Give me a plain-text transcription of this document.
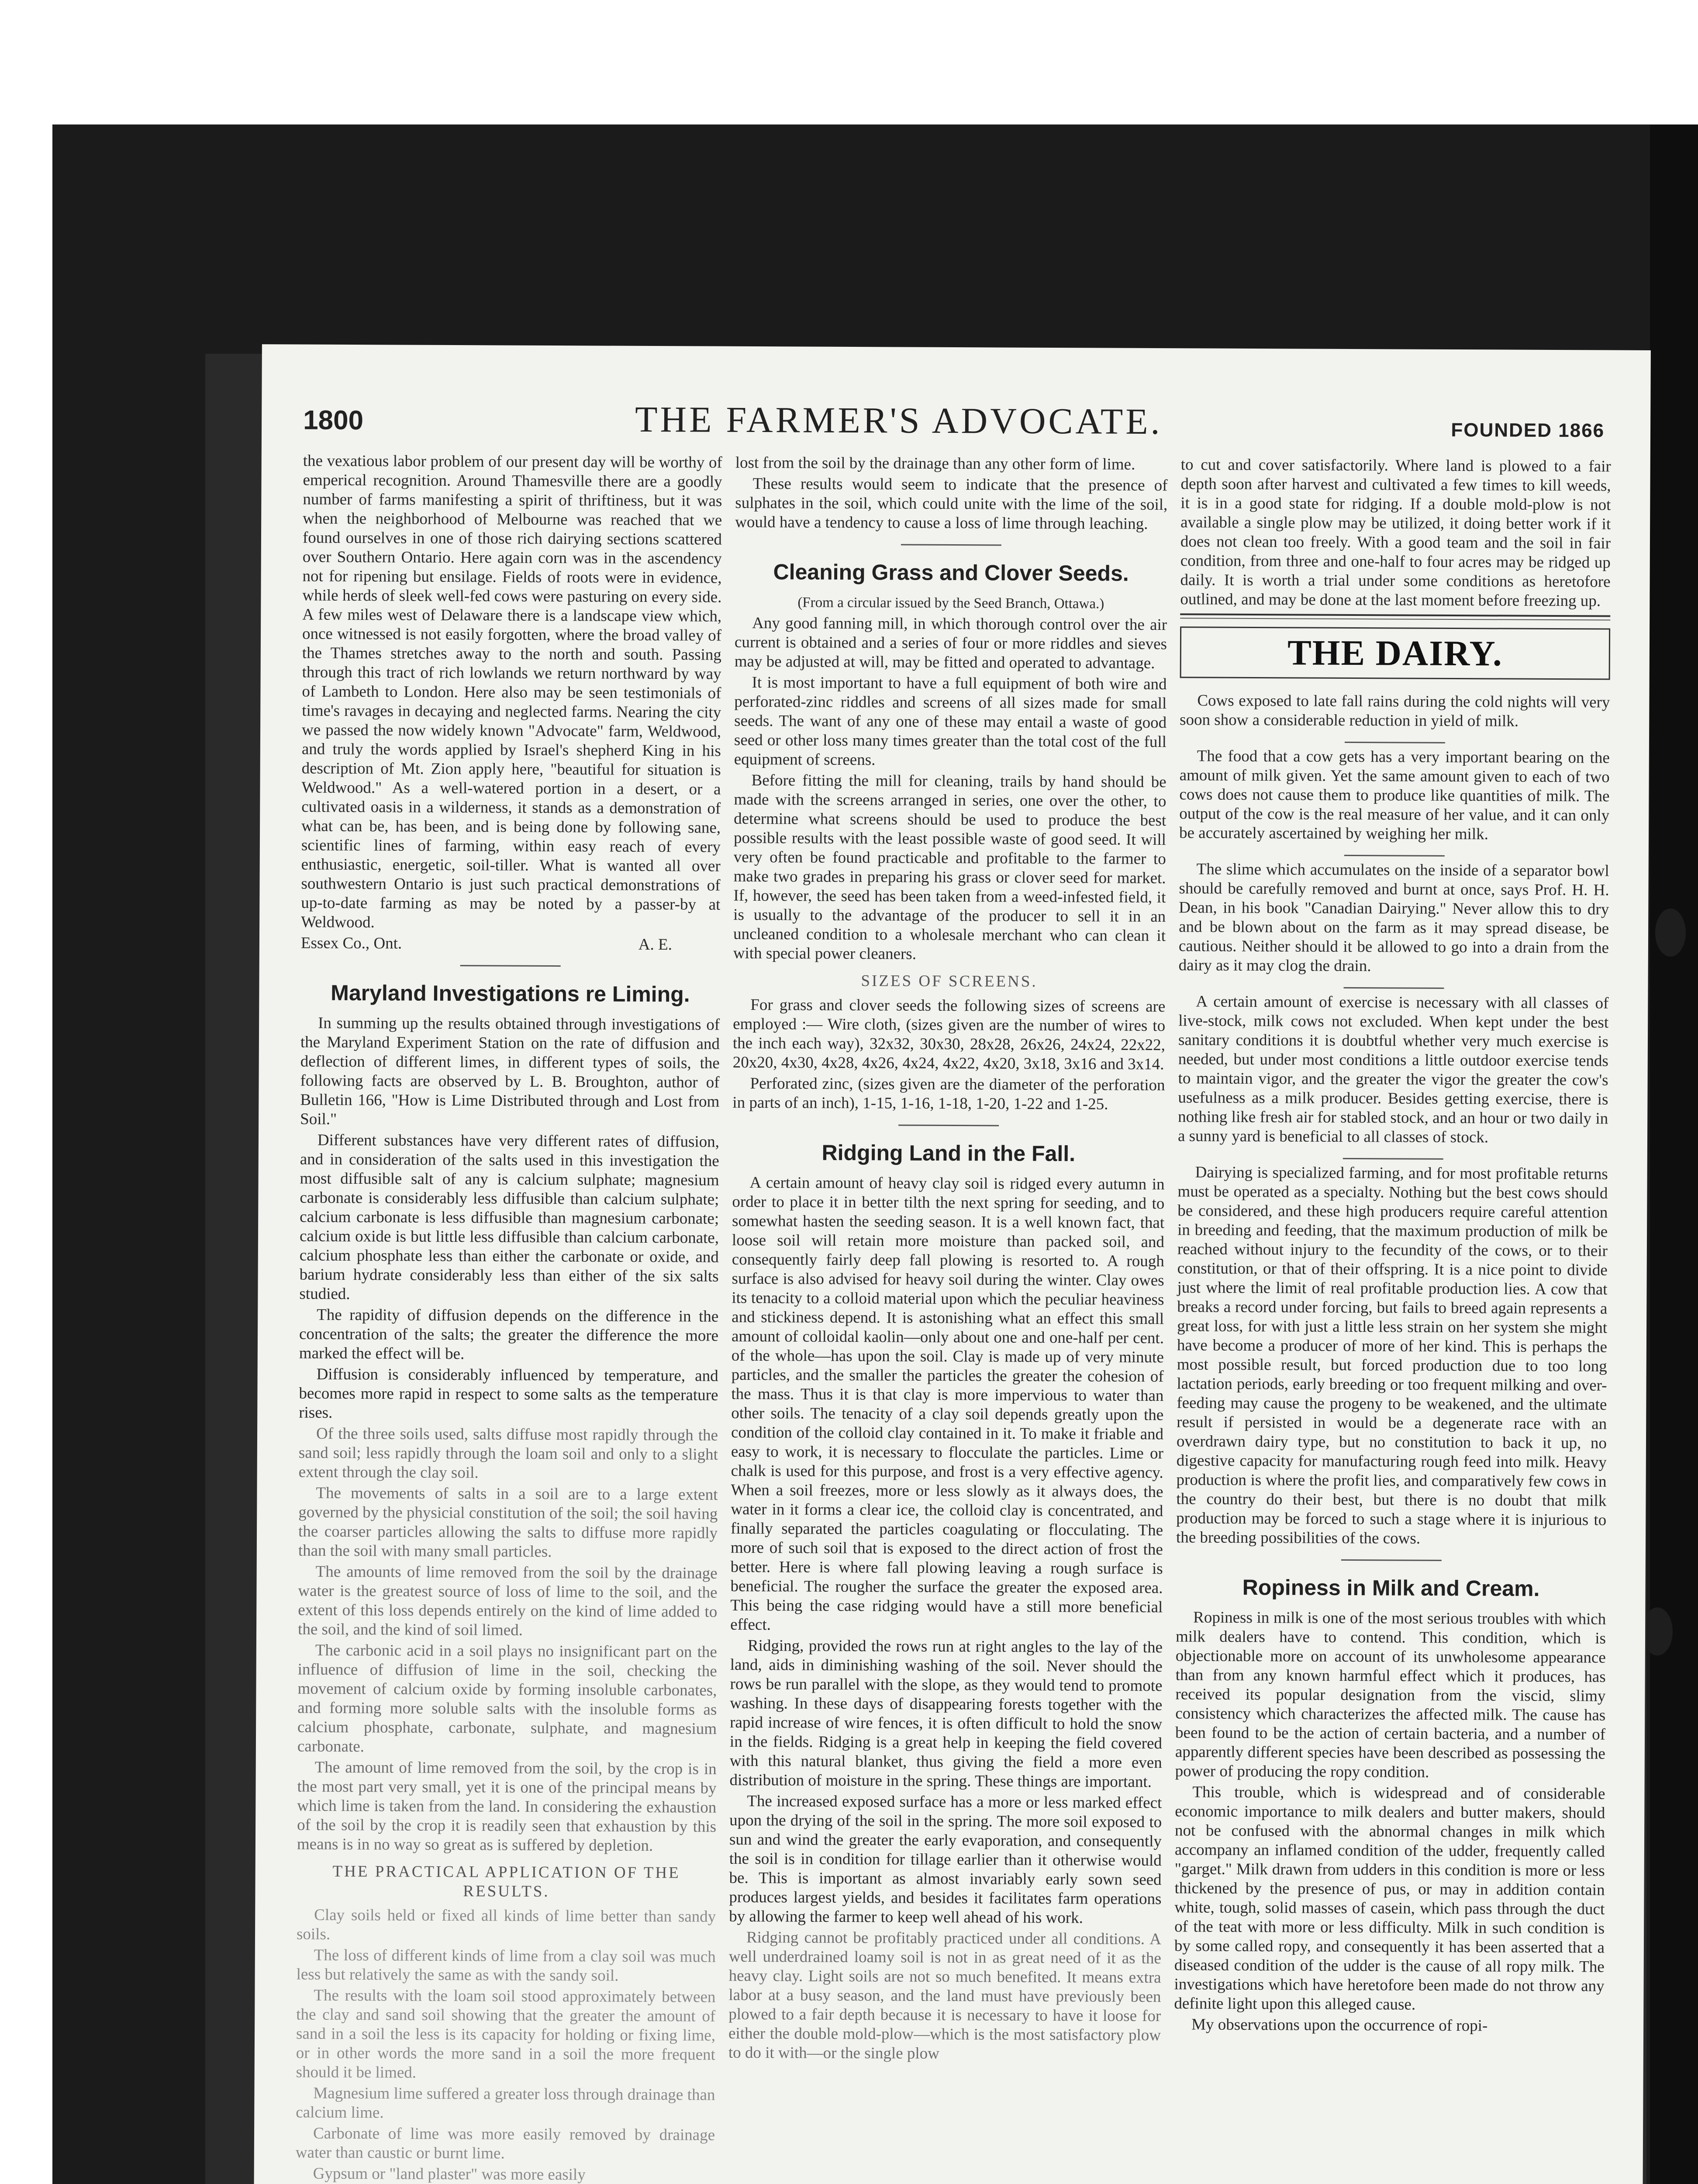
1800	THE FARMER'S ADVOCATE.	FOUNDED 1866

the vexatious labor problem of our present day will be worthy of emperical recognition. Around Thamesville there are a goodly number of farms manifesting a spirit of thriftiness, but it was when the neighborhood of Melbourne was reached that we found ourselves in one of those rich dairying sections scattered over Southern Ontario. Here again corn was in the ascendency not for ripening but ensilage. Fields of roots were in evidence, while herds of sleek well-fed cows were pasturing on every side. A few miles west of Delaware there is a landscape view which, once witnessed is not easily forgotten, where the broad valley of the Thames stretches away to the north and south. Passing through this tract of rich lowlands we return northward by way of Lambeth to London. Here also may be seen testimonials of time's ravages in decaying and neglected farms. Nearing the city we passed the now widely known "Advocate" farm, Weldwood, and truly the words applied by Israel's shepherd King in his description of Mt. Zion apply here, "beautiful for situation is Weldwood." As a well-watered portion in a desert, or a cultivated oasis in a wilderness, it stands as a demonstration of what can be, has been, and is being done by following sane, scientific lines of farming, within easy reach of every enthusiastic, energetic, soil-tiller. What is wanted all over southwestern Ontario is just such practical demonstrations of up-to-date farming as may be noted by a passer-by at Weldwood.

Essex Co., Ont.	A. E.
Maryland Investigations re Liming.

In summing up the results obtained through investigations of the Maryland Experiment Station on the rate of diffusion and deflection of different limes, in different types of soils, the following facts are observed by L. B. Broughton, author of Bulletin 166, "How is Lime Distributed through and Lost from Soil."

Different substances have very different rates of diffusion, and in consideration of the salts used in this investigation the most diffusible salt of any is calcium sulphate; magnesium carbonate is considerably less diffusible than calcium sulphate; calcium carbonate is less diffusible than magnesium carbonate; calcium oxide is but little less diffusible than calcium carbonate, calcium phosphate less than either the carbonate or oxide, and barium hydrate considerably less than either of the six salts studied.

The rapidity of diffusion depends on the difference in the concentration of the salts; the greater the difference the more marked the effect will be.

Diffusion is considerably influenced by temperature, and becomes more rapid in respect to some salts as the temperature rises.

Of the three soils used, salts diffuse most rapidly through the sand soil; less rapidly through the loam soil and only to a slight extent through the clay soil.

The movements of salts in a soil are to a large extent governed by the physicial constitution of the soil; the soil having the coarser particles allowing the salts to diffuse more rapidly than the soil with many small particles.

The amounts of lime removed from the soil by the drainage water is the greatest source of loss of lime to the soil, and the extent of this loss depends entirely on the kind of lime added to the soil, and the kind of soil limed.

The carbonic acid in a soil plays no insignificant part on the influence of diffusion of lime in the soil, checking the movement of calcium oxide by forming insoluble carbonates, and forming more soluble salts with the insoluble forms as calcium phosphate, carbonate, sulphate, and magnesium carbonate.

The amount of lime removed from the soil, by the crop is in the most part very small, yet it is one of the principal means by which lime is taken from the land. In considering the exhaustion of the soil by the crop it is readily seen that exhaustion by this means is in no way so great as is suffered by depletion.

THE PRACTICAL APPLICATION OF THE RESULTS.

Clay soils held or fixed all kinds of lime better than sandy soils.

The loss of different kinds of lime from a clay soil was much less but relatively the same as with the sandy soil.

The results with the loam soil stood approximately between the clay and sand soil showing that the greater the amount of sand in a soil the less is its capacity for holding or fixing lime, or in other words the more sand in a soil the more frequent should it be limed.

Magnesium lime suffered a greater loss through drainage than calcium lime.

Carbonate of lime was more easily removed by drainage water than caustic or burnt lime.

Gypsum or "land plaster" was more easily

lost from the soil by the drainage than any other form of lime.

These results would seem to indicate that the presence of sulphates in the soil, which could unite with the lime of the soil, would have a tendency to cause a loss of lime through leaching.

Cleaning Grass and Clover Seeds.

(From a circular issued by the Seed Branch, Ottawa.)

Any good fanning mill, in which thorough control over the air current is obtained and a series of four or more riddles and sieves may be adjusted at will, may be fitted and operated to advantage.

It is most important to have a full equipment of both wire and perforated-zinc riddles and screens of all sizes made for small seeds. The want of any one of these may entail a waste of good seed or other loss many times greater than the total cost of the full equipment of screens.

Before fitting the mill for cleaning, trails by hand should be made with the screens arranged in series, one over the other, to determine what screens should be used to produce the best possible results with the least possible waste of good seed. It will very often be found practicable and profitable to the farmer to make two grades in preparing his grass or clover seed for market. If, however, the seed has been taken from a weed-infested field, it is usually to the advantage of the producer to sell it in an uncleaned condition to a wholesale merchant who can clean it with special power cleaners.

SIZES OF SCREENS.

For grass and clover seeds the following sizes of screens are employed :— Wire cloth, (sizes given are the number of wires to the inch each way), 32x32, 30x30, 28x28, 26x26, 24x24, 22x22, 20x20, 4x30, 4x28, 4x26, 4x24, 4x22, 4x20, 3x18, 3x16 and 3x14.

Perforated zinc, (sizes given are the diameter of the perforation in parts of an inch), 1-15, 1-16, 1-18, 1-20, 1-22 and 1-25.

Ridging Land in the Fall.

A certain amount of heavy clay soil is ridged every autumn in order to place it in better tilth the next spring for seeding, and to somewhat hasten the seeding season. It is a well known fact, that loose soil will retain more moisture than packed soil, and consequently fairly deep fall plowing is resorted to. A rough surface is also advised for heavy soil during the winter. Clay owes its tenacity to a colloid material upon which the peculiar heaviness and stickiness depend. It is astonishing what an effect this small amount of colloidal kaolin—only about one and one-half per cent. of the whole—has upon the soil. Clay is made up of very minute particles, and the smaller the particles the greater the cohesion of the mass. Thus it is that clay is more impervious to water than other soils. The tenacity of a clay soil depends greatly upon the condition of the colloid clay contained in it. To make it friable and easy to work, it is necessary to flocculate the particles. Lime or chalk is used for this purpose, and frost is a very effective agency. When a soil freezes, more or less slowly as it always does, the water in it forms a clear ice, the colloid clay is concentrated, and finally separated the particles coagulating or flocculating. The more of such soil that is exposed to the direct action of frost the better. Here is where fall plowing leaving a rough surface is beneficial. The rougher the surface the greater the exposed area. This being the case ridging would have a still more beneficial effect.

Ridging, provided the rows run at right angles to the lay of the land, aids in diminishing washing of the soil. Never should the rows be run parallel with the slope, as they would tend to promote washing. In these days of disappearing forests together with the rapid increase of wire fences, it is often difficult to hold the snow in the fields. Ridging is a great help in keeping the field covered with this natural blanket, thus giving the field a more even distribution of moisture in the spring. These things are important.

The increased exposed surface has a more or less marked effect upon the drying of the soil in the spring. The more soil exposed to sun and wind the greater the early evaporation, and consequently the soil is in condition for tillage earlier than it otherwise would be. This is important as almost invariably early sown seed produces largest yields, and besides it facilitates farm operations by allowing the farmer to keep well ahead of his work.

Ridging cannot be profitably practiced under all conditions. A well underdrained loamy soil is not in as great need of it as the heavy clay. Light soils are not so much benefited. It means extra labor at a busy season, and the land must have previously been plowed to a fair depth because it is necessary to have it loose for either the double mold-plow—which is the most satisfactory plow to do it with—or the single plow

to cut and cover satisfactorily. Where land is plowed to a fair depth soon after harvest and cultivated a few times to kill weeds, it is in a good state for ridging. If a double mold-plow is not available a single plow may be utilized, it doing better work if it does not clean too freely. With a good team and the soil in fair condition, from three and one-half to four acres may be ridged up daily. It is worth a trial under some conditions as heretofore outlined, and may be done at the last moment before freezing up.

THE DAIRY.

Cows exposed to late fall rains during the cold nights will very soon show a considerable reduction in yield of milk.

The food that a cow gets has a very important bearing on the amount of milk given. Yet the same amount given to each of two cows does not cause them to produce like quantities of milk. The output of the cow is the real measure of her value, and it can only be accurately ascertained by weighing her milk.

The slime which accumulates on the inside of a separator bowl should be carefully removed and burnt at once, says Prof. H. H. Dean, in his book "Canadian Dairying." Never allow this to dry and be blown about on the farm as it may spread disease, be cautious. Neither should it be allowed to go into a drain from the dairy as it may clog the drain.

A certain amount of exercise is necessary with all classes of live-stock, milk cows not excluded. When kept under the best sanitary conditions it is doubtful whether very much exercise is needed, but under most conditions a little outdoor exercise tends to maintain vigor, and the greater the vigor the greater the cow's usefulness as a milk producer. Besides getting exercise, there is nothing like fresh air for stabled stock, and an hour or two daily in a sunny yard is beneficial to all classes of stock.

Dairying is specialized farming, and for most profitable returns must be operated as a specialty. Nothing but the best cows should be considered, and these high producers require careful attention in breeding and feeding, that the maximum production of milk be reached without injury to the fecundity of the cows, or to their constitution, or that of their offspring. It is a nice point to divide just where the limit of real profitable production lies. A cow that breaks a record under forcing, but fails to breed again represents a great loss, for with just a little less strain on her system she might have become a producer of more of her kind. This is perhaps the most possible result, but forced production due to too long lactation periods, early breeding or too frequent milking and over-feeding may cause the progeny to be weakened, and the ultimate result if persisted in would be a degenerate race with an overdrawn dairy type, but no constitution to back it up, no digestive capacity for manufacturing rough feed into milk. Heavy production is where the profit lies, and comparatively few cows in the country do their best, but there is no doubt that milk production may be forced to such a stage where it is injurious to the breeding possibilities of the cows.

Ropiness in Milk and Cream.

Ropiness in milk is one of the most serious troubles with which milk dealers have to contend. This condition, which is objectionable more on account of its unwholesome appearance than from any known harmful effect which it produces, has received its popular designation from the viscid, slimy consistency which characterizes the affected milk. The cause has been found to be the action of certain bacteria, and a number of apparently different species have been described as possessing the power of producing the ropy condition.

This trouble, which is widespread and of considerable economic importance to milk dealers and butter makers, should not be confused with the abnormal changes in milk which accompany an inflamed condition of the udder, frequently called "garget." Milk drawn from udders in this condition is more or less thickened by the presence of pus, or may in addition contain white, tough, solid masses of casein, which pass through the duct of the teat with more or less difficulty. Milk in such condition is by some called ropy, and consequently it has been asserted that a diseased condition of the udder is the cause of all ropy milk. The investigations which have heretofore been made do not throw any definite light upon this alleged cause.

My observations upon the occurrence of ropi-
